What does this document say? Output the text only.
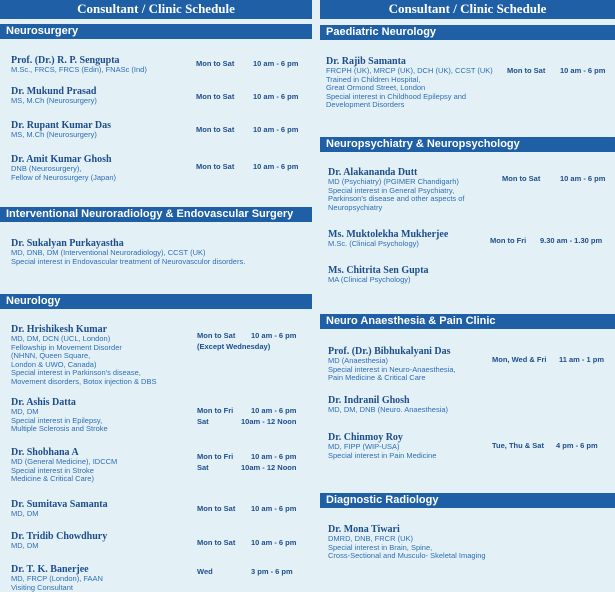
Consultant / Clinic Schedule
Neurosurgery
Prof. (Dr.) R. P. Sengupta
M.Sc., FRCS, FRCS (Edin), FNASc (Ind)
Mon to Sat 10 am - 6 pm
Dr. Mukund Prasad
MS, M.Ch (Neurosurgery)	Mon to Sat 10 am - 6 pm
Dr. Rupant Kumar Das
MS, M.Ch (Neurosurgery)
Mon to Sat 10 am - 6 pm
Dr. Amit Kumar Ghosh
DNB (Neurosurgery),
Fellow of Neurosurgery (Japan)
Mon to Sat 10 am - 6 pm
Interventional Neuroradiology & Endovascular Surgery
Dr. Sukalyan Purkayastha
MD, DNB, DM (Interventional Neuroradiology), CCST (UK)
Special interest in Endovascular treatment of Neurovasculor disorders.
Neurology
Dr. Hrishikesh Kumar
MD, DM, DCN (UCL, London)
Fellowship in Movement Disorder
(NHNN, Queen Square,
London & UWO, Canada)
Special interest in Parkinson's disease,
Movement disorders, Botox injection & DBS
Mon to Sat 10 am - 6 pm
(Except Wednesday)
Dr. Ashis Datta
MD, DM
Special interest in Epilepsy,
Multiple Sclerosis and Stroke
Mon to Fri 10 am - 6 pm
Sat	10am - 12 Noon
Dr. Shobhana A
MD (General Medicine), IDCCM
Special interest in Stroke
Medicine & Critical Care)
Mon to Fri 10 am - 6 pm
Sat	10am - 12 Noon
Dr. Sumitava Samanta
MD, DM
Mon to Sat 10 am - 6 pm
Dr. Tridib Chowdhury
MD, DM	Mon to Sat 10 am - 6 pm
Dr. T. K. Banerjee
MD, FRCP (London), FAAN
Visiting Consultant
Wed	3 pm - 6 pm
Consultant / Clinic Schedule
Paediatric Neurology
Dr. Rajib Samanta
FRCPH (UK), MRCP (UK), DCH (UK), CCST (UK)
Trained in Children Hospital,
Great Ormond Street, London
Special interest in Childhood Epilepsy and
Development Disorders
Mon to Sat 10 am - 6 pm
Neuropsychiatry & Neuropsychology
Dr. Alakananda Dutt
MD (Psychiatry) (PGIMER Chandigarh)
Special interest in General Psychiatry,
Parkinson's disease and other aspects of
Neuropsychiatry
Mon to Sat	10 am - 6 pm
Ms. Muktolekha Mukherjee
M.Sc. (Clinical Psychology)	Mon to Fri 9.30 am - 1.30 pm
Ms. Chitrita Sen Gupta
MA (Clinical Psychology)
Neuro Anaesthesia & Pain Clinic
Prof. (Dr.) Bibhukalyani Das
MD (Anaesthesia)
Special interest in Neuro-Anaesthesia,
Pain Medicine & Critical Care
Mon, Wed & Fri 11 am - 1 pm
Dr. Indranil Ghosh
MD, DM, DNB (Neuro. Anaesthesia)
Dr. Chinmoy Roy
MD, FIPP (WIP-USA)
Special interest in Pain Medicine
Tue, Thu & Sat 4 pm - 6 pm
Diagnostic Radiology
Dr. Mona Tiwari
DMRD, DNB, FRCR (UK)
Special interest in Brain, Spine,
Cross-Sectional and Musculo- Skeletal Imaging
